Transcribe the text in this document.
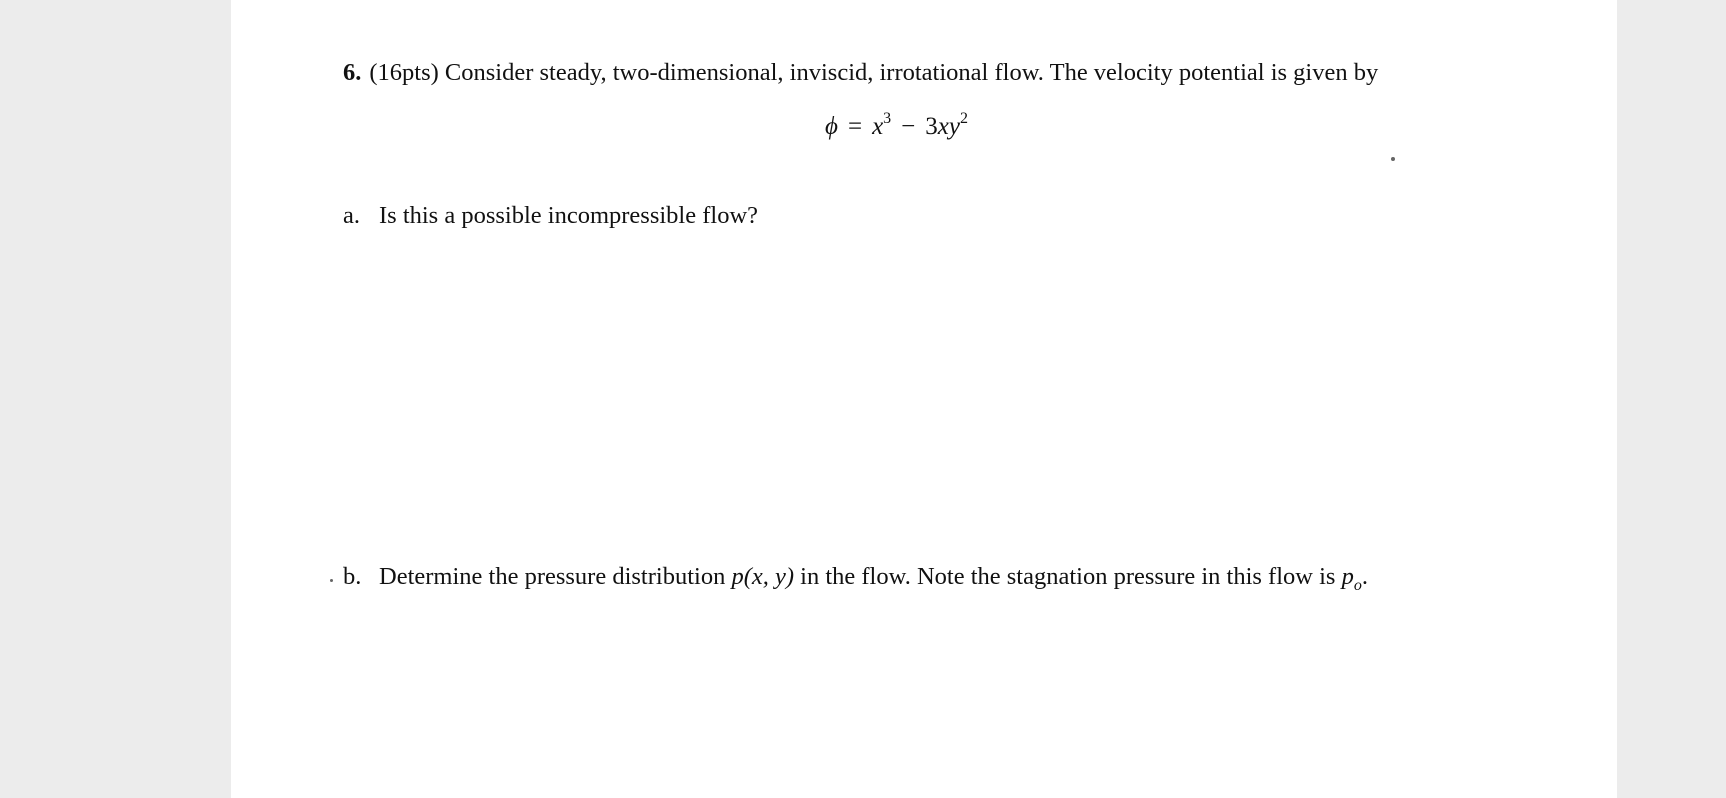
6. (16pts) Consider steady, two-dimensional, inviscid, irrotational flow. The velocity potential is given by
$\phi = x^3 - 3xy^2$
a. Is this a possible incompressible flow?
b. Determine the pressure distribution p(x, y) in the flow. Note the stagnation pressure in this flow is $p_o$.
